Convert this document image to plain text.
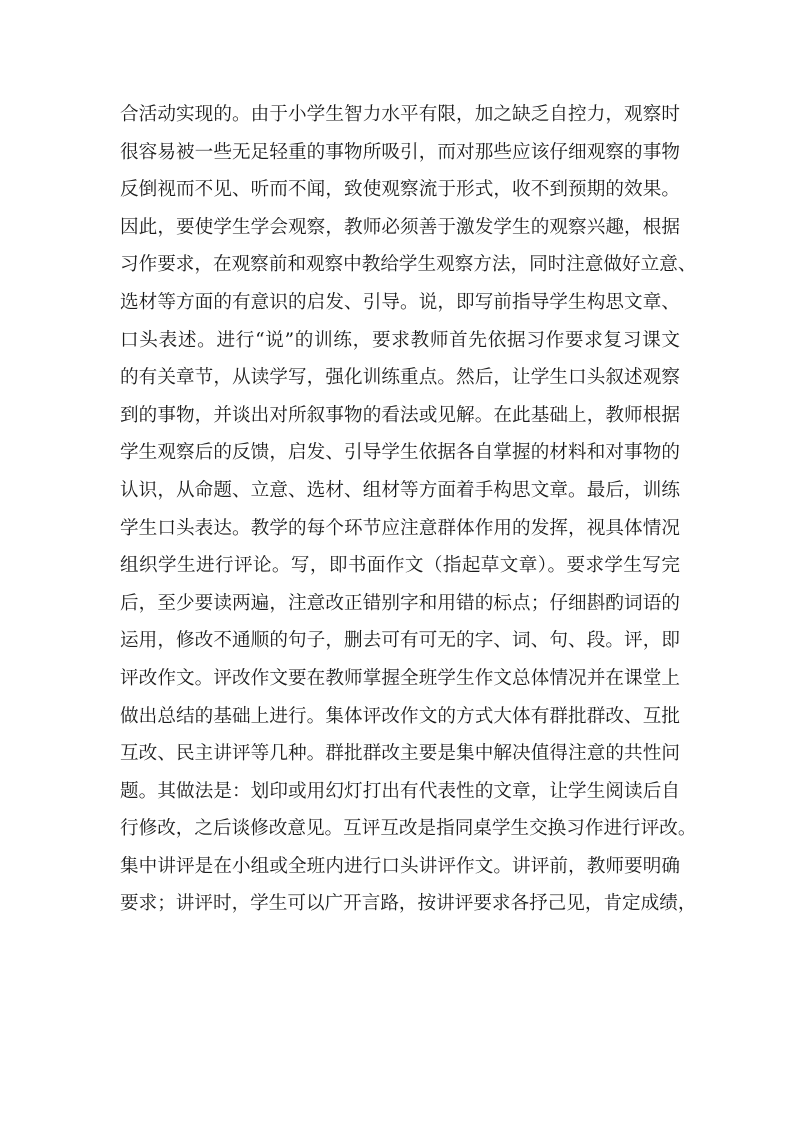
合活动实现的。由于小学生智力水平有限，加之缺乏自控力，观察时
很容易被一些无足轻重的事物所吸引，而对那些应该仔细观察的事物
反倒视而不见、听而不闻，致使观察流于形式，收不到预期的效果。
因此，要使学生学会观察，教师必须善于激发学生的观察兴趣，根据
习作要求，在观察前和观察中教给学生观察方法，同时注意做好立意、
选材等方面的有意识的启发、引导。说，即写前指导学生构思文章、
口头表述。进行“说”的训练，要求教师首先依据习作要求复习课文
的有关章节，从读学写，强化训练重点。然后，让学生口头叙述观察
到的事物，并谈出对所叙事物的看法或见解。在此基础上，教师根据
学生观察后的反馈，启发、引导学生依据各自掌握的材料和对事物的
认识，从命题、立意、选材、组材等方面着手构思文章。最后，训练
学生口头表达。教学的每个环节应注意群体作用的发挥，视具体情况
组织学生进行评论。写，即书面作文（指起草文章）。要求学生写完
后，至少要读两遍，注意改正错别字和用错的标点；仔细斟酌词语的
运用，修改不通顺的句子，删去可有可无的字、词、句、段。评，即
评改作文。评改作文要在教师掌握全班学生作文总体情况并在课堂上
做出总结的基础上进行。集体评改作文的方式大体有群批群改、互批
互改、民主讲评等几种。群批群改主要是集中解决值得注意的共性问
题。其做法是：划印或用幻灯打出有代表性的文章，让学生阅读后自
行修改，之后谈修改意见。互评互改是指同桌学生交换习作进行评改。
集中讲评是在小组或全班内进行口头讲评作文。讲评前，教师要明确
要求；讲评时，学生可以广开言路，按讲评要求各抒己见，肯定成绩，
